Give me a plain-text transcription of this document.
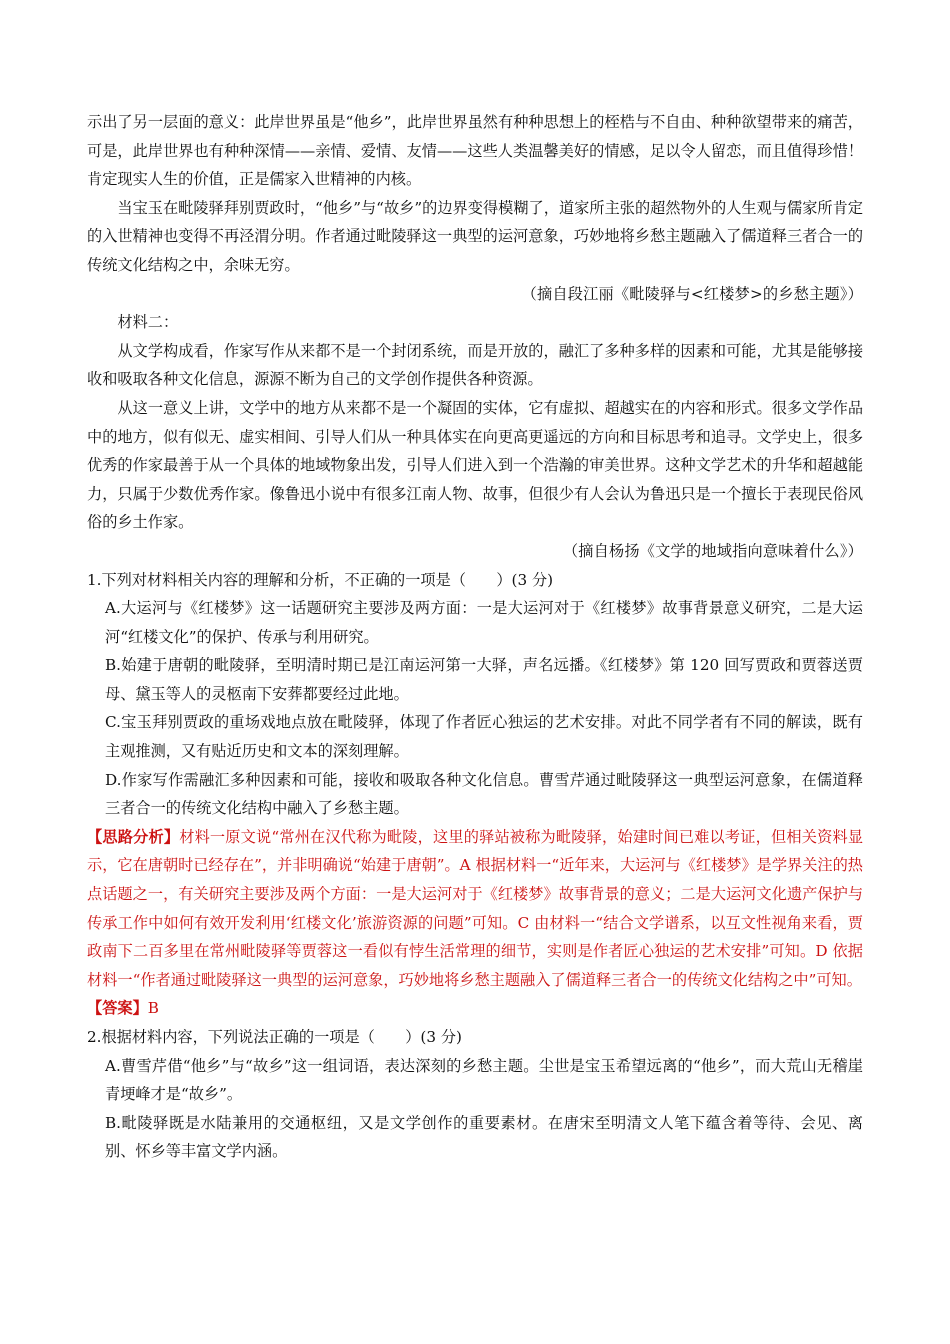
示出了另一层面的意义：此岸世界虽是“他乡”，此岸世界虽然有种种思想上的桎梏与不自由、种种欲望带来的痛苦，可是，此岸世界也有种种深情——亲情、爱情、友情——这些人类温馨美好的情感，足以令人留恋，而且值得珍惜！肯定现实人生的价值，正是儒家入世精神的内核。

当宝玉在毗陵驿拜别贾政时，“他乡”与“故乡”的边界变得模糊了，道家所主张的超然物外的人生观与儒家所肯定的入世精神也变得不再泾渭分明。作者通过毗陵驿这一典型的运河意象，巧妙地将乡愁主题融入了儒道释三者合一的传统文化结构之中，余味无穷。

（摘自段江丽《毗陵驿与<红楼梦>的乡愁主题》）

材料二：

从文学构成看，作家写作从来都不是一个封闭系统，而是开放的，融汇了多种多样的因素和可能，尤其是能够接收和吸取各种文化信息，源源不断为自己的文学创作提供各种资源。

从这一意义上讲，文学中的地方从来都不是一个凝固的实体，它有虚拟、超越实在的内容和形式。很多文学作品中的地方，似有似无、虚实相间、引导人们从一种具体实在向更高更遥远的方向和目标思考和追寻。文学史上，很多优秀的作家最善于从一个具体的地域物象出发，引导人们进入到一个浩瀚的审美世界。这种文学艺术的升华和超越能力，只属于少数优秀作家。像鲁迅小说中有很多江南人物、故事，但很少有人会认为鲁迅只是一个擅长于表现民俗风俗的乡土作家。

（摘自杨扬《文学的地域指向意味着什么》）

1.下列对材料相关内容的理解和分析，不正确的一项是（　　）(3 分)

A.大运河与《红楼梦》这一话题研究主要涉及两方面：一是大运河对于《红楼梦》故事背景意义研究，二是大运河“红楼文化”的保护、传承与利用研究。

B.始建于唐朝的毗陵驿，至明清时期已是江南运河第一大驿，声名远播。《红楼梦》第 120 回写贾政和贾蓉送贾母、黛玉等人的灵柩南下安葬都要经过此地。

C.宝玉拜别贾政的重场戏地点放在毗陵驿，体现了作者匠心独运的艺术安排。对此不同学者有不同的解读，既有主观推测，又有贴近历史和文本的深刻理解。

D.作家写作需融汇多种因素和可能，接收和吸取各种文化信息。曹雪芹通过毗陵驿这一典型运河意象，在儒道释三者合一的传统文化结构中融入了乡愁主题。

【思路分析】材料一原文说“常州在汉代称为毗陵，这里的驿站被称为毗陵驿，始建时间已难以考证，但相关资料显示，它在唐朝时已经存在”，并非明确说“始建于唐朝”。A 根据材料一“近年来，大运河与《红楼梦》是学界关注的热点话题之一，有关研究主要涉及两个方面：一是大运河对于《红楼梦》故事背景的意义；二是大运河文化遗产保护与传承工作中如何有效开发利用‘红楼文化’旅游资源的问题”可知。C 由材料一“结合文学谱系，以互文性视角来看，贾政南下二百多里在常州毗陵驿等贾蓉这一看似有悖生活常理的细节，实则是作者匠心独运的艺术安排”可知。D 依据材料一“作者通过毗陵驿这一典型的运河意象，巧妙地将乡愁主题融入了儒道释三者合一的传统文化结构之中”可知。

【答案】B

2.根据材料内容，下列说法正确的一项是（　　）(3 分)

A.曹雪芹借“他乡”与“故乡”这一组词语，表达深刻的乡愁主题。尘世是宝玉希望远离的“他乡”，而大荒山无稽崖青埂峰才是“故乡”。

B.毗陵驿既是水陆兼用的交通枢纽，又是文学创作的重要素材。在唐宋至明清文人笔下蕴含着等待、会见、离别、怀乡等丰富文学内涵。
